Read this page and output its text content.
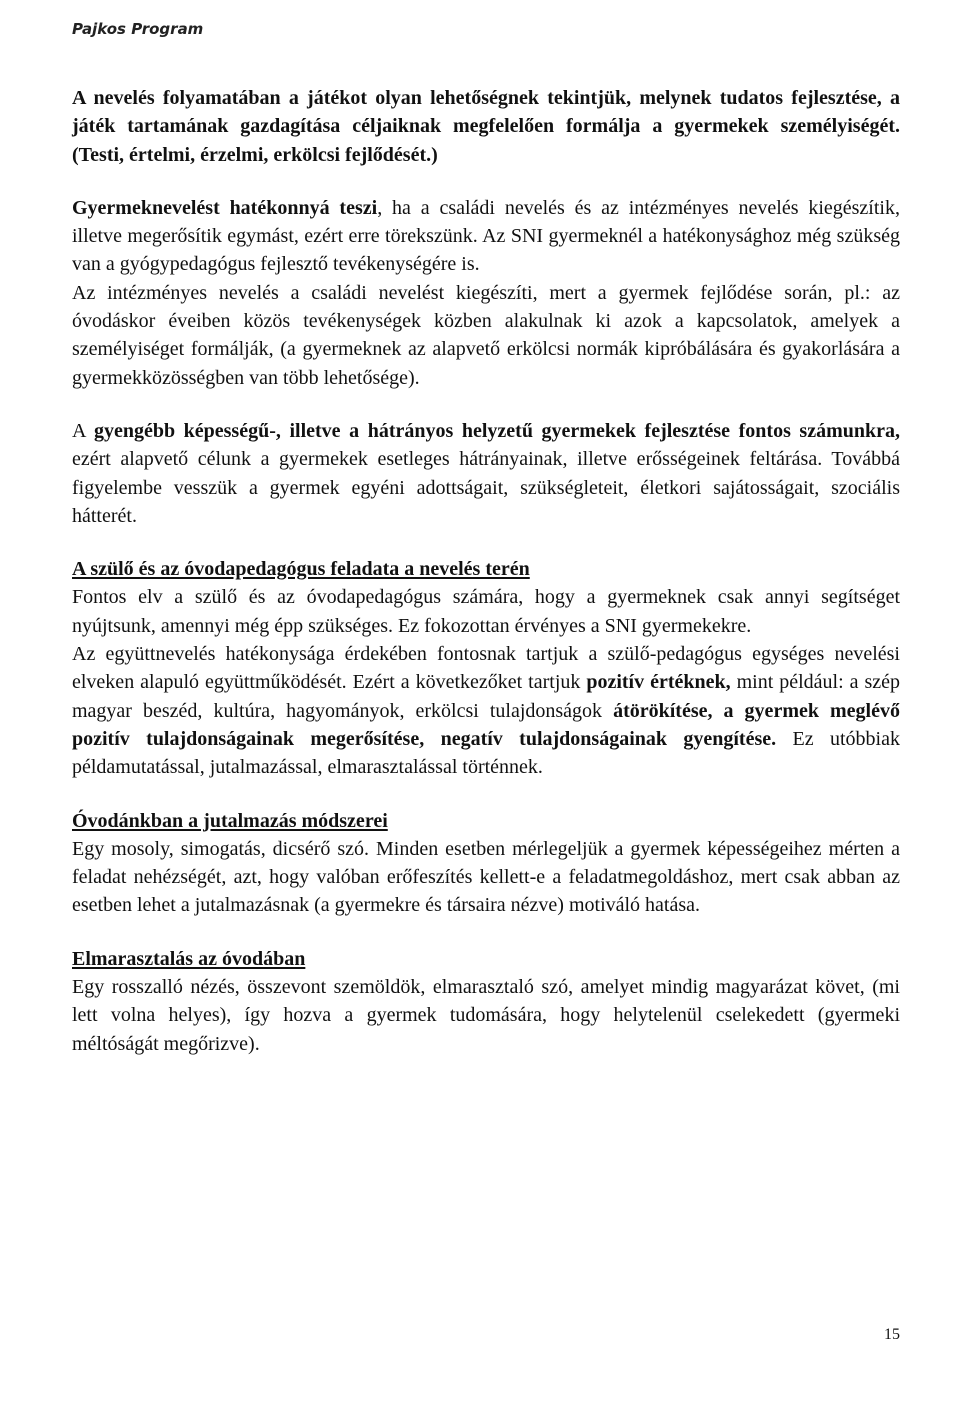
Pajkos Program

A nevelés folyamatában a játékot olyan lehetőségnek tekintjük, melynek tudatos fejlesztése, a játék tartamának gazdagítása céljaiknak megfelelően formálja a gyermekek személyiségét. (Testi, értelmi, érzelmi, erkölcsi fejlődését.)

Gyermeknevelést hatékonnyá teszi, ha a családi nevelés és az intézményes nevelés kiegészítik, illetve megerősítik egymást, ezért erre törekszünk. Az SNI gyermeknél a hatékonysághoz még szükség van a gyógypedagógus fejlesztő tevékenységére is.

Az intézményes nevelés a családi nevelést kiegészíti, mert a gyermek fejlődése során, pl.: az óvodáskor éveiben közös tevékenységek közben alakulnak ki azok a kapcsolatok, amelyek a személyiséget formálják, (a gyermeknek az alapvető erkölcsi normák kipróbálására és gyakorlására a gyermekközösségben van több lehetősége).

A gyengébb képességű-, illetve a hátrányos helyzetű gyermekek fejlesztése fontos számunkra, ezért alapvető célunk a gyermekek esetleges hátrányainak, illetve erősségeinek feltárása. Továbbá figyelembe vesszük a gyermek egyéni adottságait, szükségleteit, életkori sajátosságait, szociális hátterét.

A szülő és az óvodapedagógus feladata a nevelés terén

Fontos elv a szülő és az óvodapedagógus számára, hogy a gyermeknek csak annyi segítséget nyújtsunk, amennyi még épp szükséges. Ez fokozottan érvényes a SNI gyermekekre.

Az együttnevelés hatékonysága érdekében fontosnak tartjuk a szülő-pedagógus egységes nevelési elveken alapuló együttműködését. Ezért a következőket tartjuk pozitív értéknek, mint például: a szép magyar beszéd, kultúra, hagyományok, erkölcsi tulajdonságok átörökítése, a gyermek meglévő pozitív tulajdonságainak megerősítése, negatív tulajdonságainak gyengítése. Ez utóbbiak példamutatással, jutalmazással, elmarasztalással történnek.

Óvodánkban a jutalmazás módszerei

Egy mosoly, simogatás, dicsérő szó. Minden esetben mérlegeljük a gyermek képességeihez mérten a feladat nehézségét, azt, hogy valóban erőfeszítés kellett-e a feladatmegoldáshoz, mert csak abban az esetben lehet a jutalmazásnak (a gyermekre és társaira nézve) motiváló hatása.

Elmarasztalás az óvodában

Egy rosszalló nézés, összevont szemöldök, elmarasztaló szó, amelyet mindig magyarázat követ, (mi lett volna helyes), így hozva a gyermek tudomására, hogy helytelenül cselekedett (gyermeki méltóságát megőrizve).

15
